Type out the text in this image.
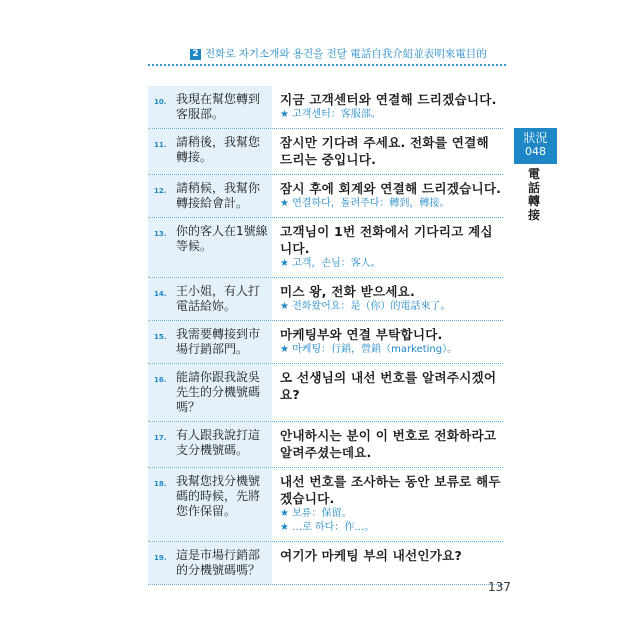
2 전화로 자기소개와 용건을 전달 電話自我介紹並表明來電目的
10. 我現在幫您轉到客服部。
지금 고객센터와 연결해 드리겠습니다.
★ 고객센터：客服部。
11. 請稍後，我幫您轉接。
잠시만 기다려 주세요. 전화를 연결해 드리는 중입니다.
12. 請稍候，我幫你轉接給會計。
잠시 후에 회계와 연결해 드리겠습니다.
★ 연결하다，돌려주다：轉到，轉接。
13. 你的客人在1號線等候。
고객님이 1번 전화에서 기다리고 계십니다.
★ 고객，손님：客人。
14. 王小姐，有人打電話給妳。
미스 왕, 전화 받으세요.
★ 전화왔어요：是（你）的電話來了。
15. 我需要轉接到市場行銷部門。
마케팅부와 연결 부탁합니다.
★ 마케팅：行銷，營銷（marketing）。
16. 能請你跟我說吳先生的分機號碼嗎？
오 선생님의 내선 번호를 알려주시겠어요?
17. 有人跟我說打這支分機號碼。
안내하시는 분이 이 번호로 전화하라고 알려주셨는데요.
18. 我幫您找分機號碼的時候，先將您作保留。
내선 번호를 조사하는 동안 보류로 해두겠습니다.
★ 보류：保留。
★ …로 하다：作…。
19. 這是市場行銷部的分機號碼嗎？
여기가 마케팅 부의 내선인가요?
狀況
048
電話轉接
137
